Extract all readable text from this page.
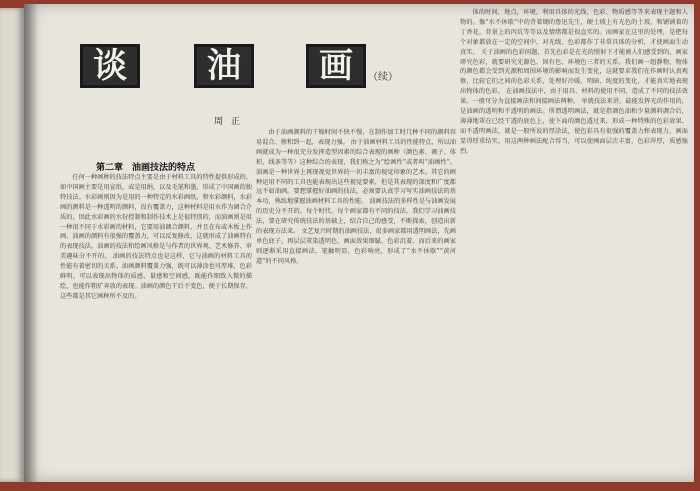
谈	油	画	（续）
周正
第二章　油画技法的特点

任何一种画种的技法特点主要是由于材料工具的特性提供形成的。如中国画主要是用宣纸、或是用绢，以及毛笔和墨，形成了中国画的独特技法。水彩画则因为是用的一种特定的水彩画纸，和水彩颜料，水彩画的颜料是一种透明的颜料，没有覆盖力，这种材料是用水作为调合介质的，因此水彩画的水份控制和制作技术上是很特别的，而油画则是用一种很不同于水彩画的材料，它要用油调合颜料，并且在布或木板上作画，油画的颜料有很强的覆盖力，可以反复修改，这就形成了油画特有的表现技法。油画的技法和绘画风格是与作者的世界观、艺术修养、审美趣味分不开的。 油画的技法特点也是这样，它与油画的材料工具的性能有着密切的关系。油画颜料覆盖力强，既可以薄涂也可厚堆，色彩鲜明，可以表现出物体的质感、量感和空间感，既能作细致入微的描绘，也能作粗犷奔放的表现。油画的颜色干后不变色，便于长期保存，这些都是其它画种所不及的。

由于油画颜料的干燥时间不快不慢，在制作加工时几种不同的颜料容易混合、掺和到一起，表现力强。 由于油画材料工具的性能特点，所以油画就成为一种很充分发挥造型因素的综合表现的画种（颜色素、调子、体积、线条等等）这种综合的表现，我们称之为“绘画性”或者叫“油画性”。 油画是一种世界上再现视觉世界的一切丰富的视觉印象的艺术。其它的画种运用不同的工具也能表现出这些视觉要素，但是其表现的深度和广度都远不如油画。要想掌握好油画的技法，必须要认真学习写实油画技法的基本功，熟练地掌握油画材料工具的性能。 油画技法的多样性是与油画发展的历史分不开的。每个时代、每个画家都有不同的技法，我们学习油画技法，要在研究传统技法的基础上，结合自己的感受，不断探索，创造出新的表现方法来。 文艺复兴时期的油画技法，很多画家都用透明画法，先画单色底子，再层层罩染透明色，画面效果细腻、色彩沉着。而后来的画家则逐渐采用直接画法，笔触明显，色彩响亮，形成了“水不休歇”“黄河道”的不同风格。

体的时间，地点，环境，利用具体的光线、色彩、物质感等等来表现主题和人物的。像“水不休歇”中的背着锄的鲁迅先生，硬土坡上有光色的土坡，和铺铺着的丁香花，背景上的丙坑等等以及情绪都是很直实的。而画家在这里的处理，是把每个对象都放在一定的空间中，对光线、色彩都作了非常具体的分析，才使画面生动真实。 关于油画的色彩问题，首先色彩是在光的照射下才能被人们感受到的，画家研究色彩，就要研究光源色、固有色、环境色三者的关系。我们画一组静物，物体的颜色都会受到光源和周围环境的影响而发生变化，这就要求我们在作画时认真观察，比较它们之间的色彩关系，处理好冷暖、明暗、纯度的变化，才能真实地表现出物体的色彩。 在油画技法中，由于用具、材料的使用不同，造成了不同的技法效果。一般可分为直接画法和间接画法两种。 单就技法来讲，最能发挥光的作用的，是油画的透明和不透明的画法。所谓透明画法，就是指调色油和少量颜料调合后，薄薄地罩在已经干透的底色上，使下面的颜色透过来，形成一种特殊的色彩效果。而不透明画法，就是一般所说的厚涂法，使色彩具有很强的覆盖力和表现力，画面显得厚重结实。用这两种画法配合得当，可以使画面层次丰富，色彩浑厚，质感强烈。
